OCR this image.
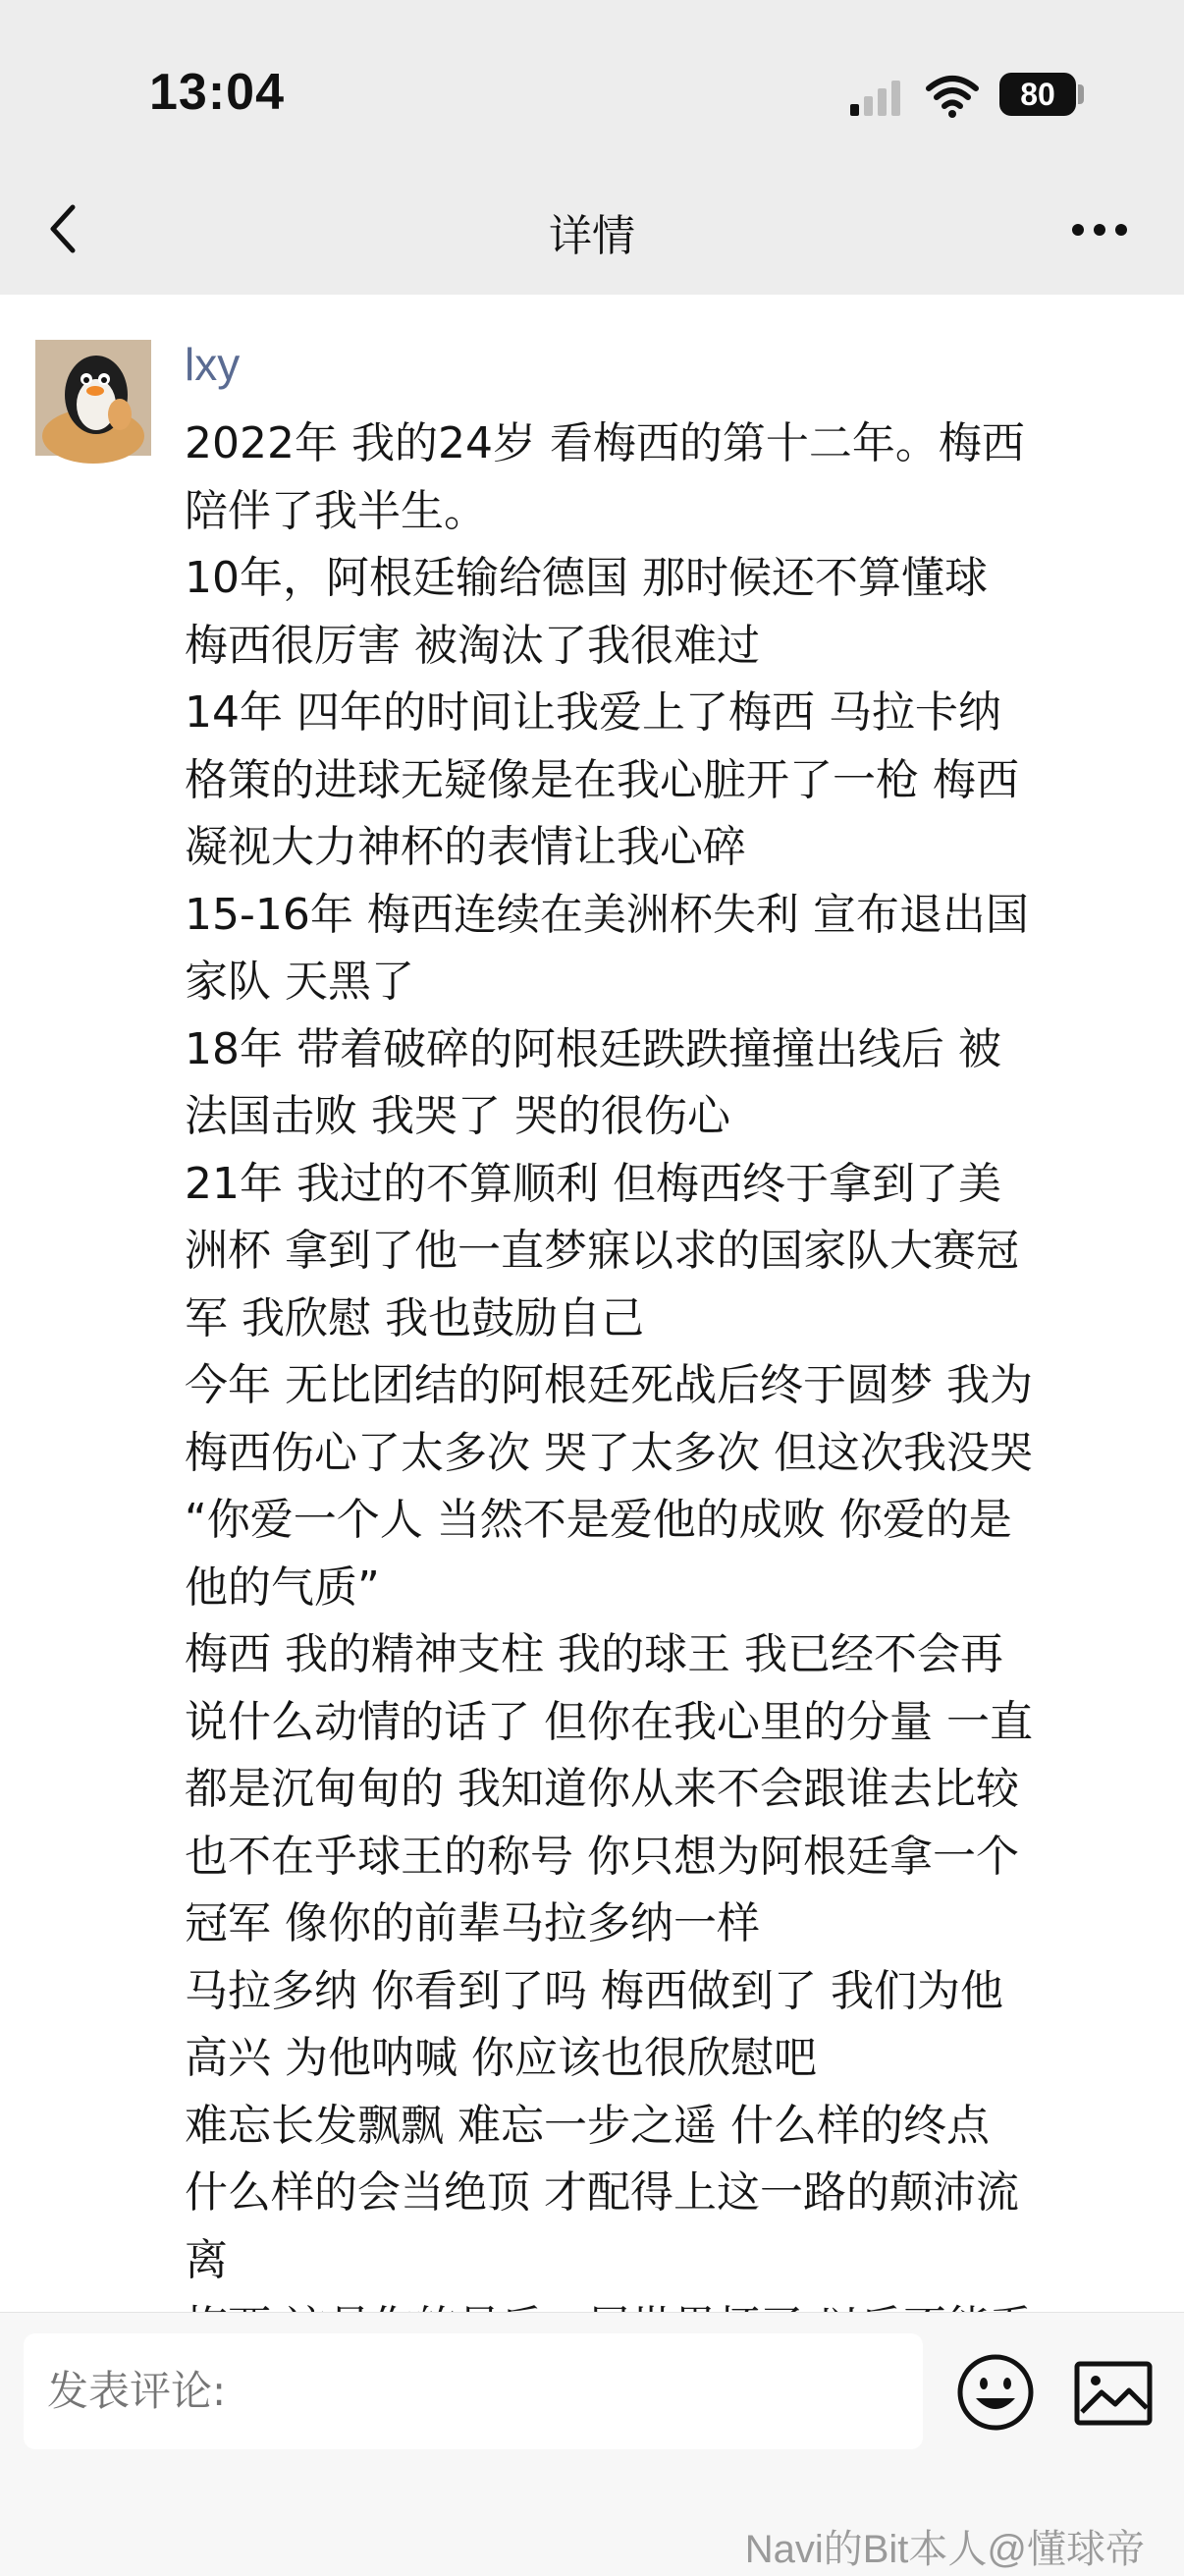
13:04	80
详情
lxy

2022年 我的24岁 看梅西的第十二年。梅西

陪伴了我半生。

10年，阿根廷输给德国 那时候还不算懂球

梅西很厉害 被淘汰了我很难过

14年 四年的时间让我爱上了梅西 马拉卡纳

格策的进球无疑像是在我心脏开了一枪 梅西

凝视大力神杯的表情让我心碎

15-16年 梅西连续在美洲杯失利 宣布退出国

家队 天黑了

18年 带着破碎的阿根廷跌跌撞撞出线后 被

法国击败 我哭了 哭的很伤心

21年 我过的不算顺利 但梅西终于拿到了美

洲杯 拿到了他一直梦寐以求的国家队大赛冠

军 我欣慰 我也鼓励自己

今年 无比团结的阿根廷死战后终于圆梦 我为

梅西伤心了太多次 哭了太多次 但这次我没哭

“你爱一个人 当然不是爱他的成败 你爱的是

他的气质”

梅西 我的精神支柱 我的球王 我已经不会再

说什么动情的话了 但你在我心里的分量 一直

都是沉甸甸的 我知道你从来不会跟谁去比较

也不在乎球王的称号 你只想为阿根廷拿一个

冠军 像你的前辈马拉多纳一样

马拉多纳 你看到了吗 梅西做到了 我们为他

高兴 为他呐喊 你应该也很欣慰吧

难忘长发飘飘 难忘一步之遥 什么样的终点

什么样的会当绝顶 才配得上这一路的颠沛流

离

发表评论:
Navi的Bit本人@懂球帝
